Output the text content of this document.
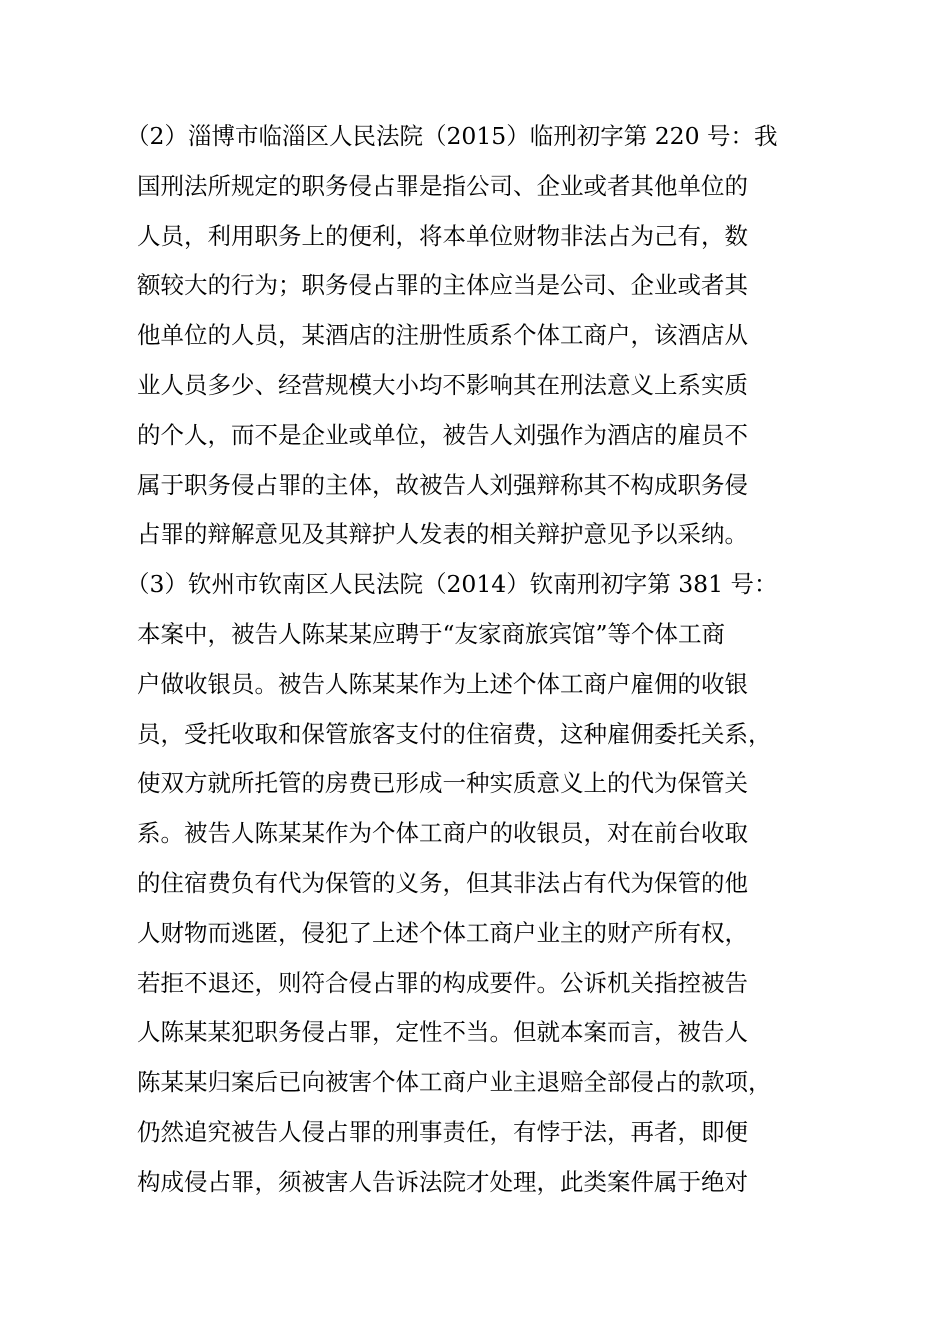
（2）淄博市临淄区人民法院（2015）临刑初字第 220 号：我
国刑法所规定的职务侵占罪是指公司、企业或者其他单位的
人员，利用职务上的便利，将本单位财物非法占为己有，数
额较大的行为；职务侵占罪的主体应当是公司、企业或者其
他单位的人员，某酒店的注册性质系个体工商户，该酒店从
业人员多少、经营规模大小均不影响其在刑法意义上系实质
的个人，而不是企业或单位，被告人刘强作为酒店的雇员不
属于职务侵占罪的主体，故被告人刘强辩称其不构成职务侵
占罪的辩解意见及其辩护人发表的相关辩护意见予以采纳。
（3）钦州市钦南区人民法院（2014）钦南刑初字第 381 号：
本案中，被告人陈某某应聘于“友家商旅宾馆”等个体工商
户做收银员。被告人陈某某作为上述个体工商户雇佣的收银
员，受托收取和保管旅客支付的住宿费，这种雇佣委托关系，
使双方就所托管的房费已形成一种实质意义上的代为保管关
系。被告人陈某某作为个体工商户的收银员，对在前台收取
的住宿费负有代为保管的义务，但其非法占有代为保管的他
人财物而逃匿，侵犯了上述个体工商户业主的财产所有权，
若拒不退还，则符合侵占罪的构成要件。公诉机关指控被告
人陈某某犯职务侵占罪，定性不当。但就本案而言，被告人
陈某某归案后已向被害个体工商户业主退赔全部侵占的款项，
仍然追究被告人侵占罪的刑事责任，有悖于法，再者，即便
构成侵占罪，须被害人告诉法院才处理，此类案件属于绝对
